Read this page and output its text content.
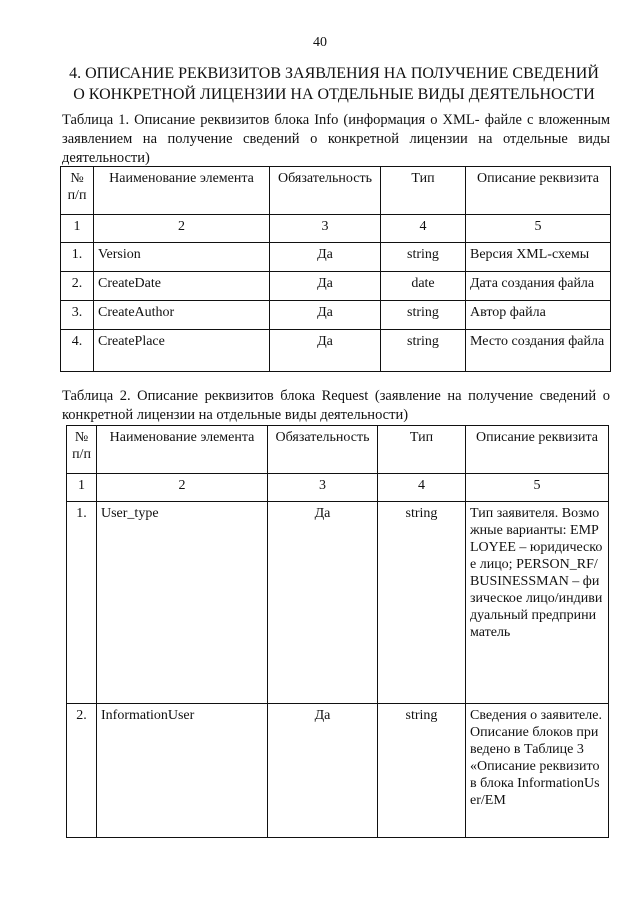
40
4. ОПИСАНИЕ РЕКВИЗИТОВ ЗАЯВЛЕНИЯ НА ПОЛУЧЕНИЕ СВЕДЕНИЙ О КОНКРЕТНОЙ ЛИЦЕНЗИИ НА ОТДЕЛЬНЫЕ ВИДЫ ДЕЯТЕЛЬНОСТИ
Таблица 1. Описание реквизитов блока Info (информация о XML- файле с вложенным заявлением на получение сведений о конкретной лицензии на отдельные виды деятельности)
№ п/п	Наименование элемента	Обязательность	Тип	Описание реквизита
1	2	3	4	5
1.	Version	Да	string	Версия XML-схемы
2.	CreateDate	Да	date	Дата создания файла
3.	CreateAuthor	Да	string	Автор файла
4.	CreatePlace	Да	string	Место создания файла
Таблица 2. Описание реквизитов блока Request (заявление на получение сведений о конкретной лицензии на отдельные виды деятельности)
№ п/п	Наименование элемента	Обязательность	Тип	Описание реквизита
1	2	3	4	5
1.	User_type	Да	string	Тип заявителя. Возможные варианты: EMPLOYEE – юридическое лицо; PERSON_RF/BUSINESSMAN – физическое лицо/индивидуальный предприниматель
2.	InformationUser	Да	string	Сведения о заявителе. Описание блоков приведено в Таблице 3 «Описание реквизитов блока InformationUser/EM
